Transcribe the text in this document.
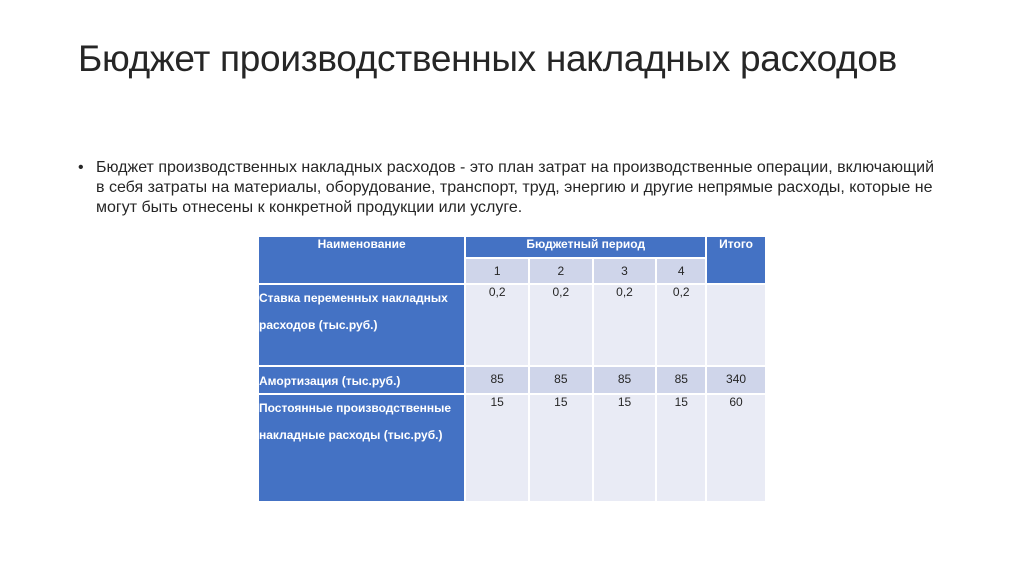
Бюджет производственных накладных расходов
• Бюджет производственных накладных расходов - это план затрат на производственные операции, включающий в себя затраты на материалы, оборудование, транспорт, труд, энергию и другие непрямые расходы, которые не могут быть отнесены к конкретной продукции или услуге.
Наименование	Бюджетный период				Итого
	1	2	3	4	
Ставка переменных накладных расходов (тыс.руб.)	0,2	0,2	0,2	0,2	
Амортизация (тыс.руб.)	85	85	85	85	340
Постоянные производственные накладные расходы (тыс.руб.)	15	15	15	15	60
